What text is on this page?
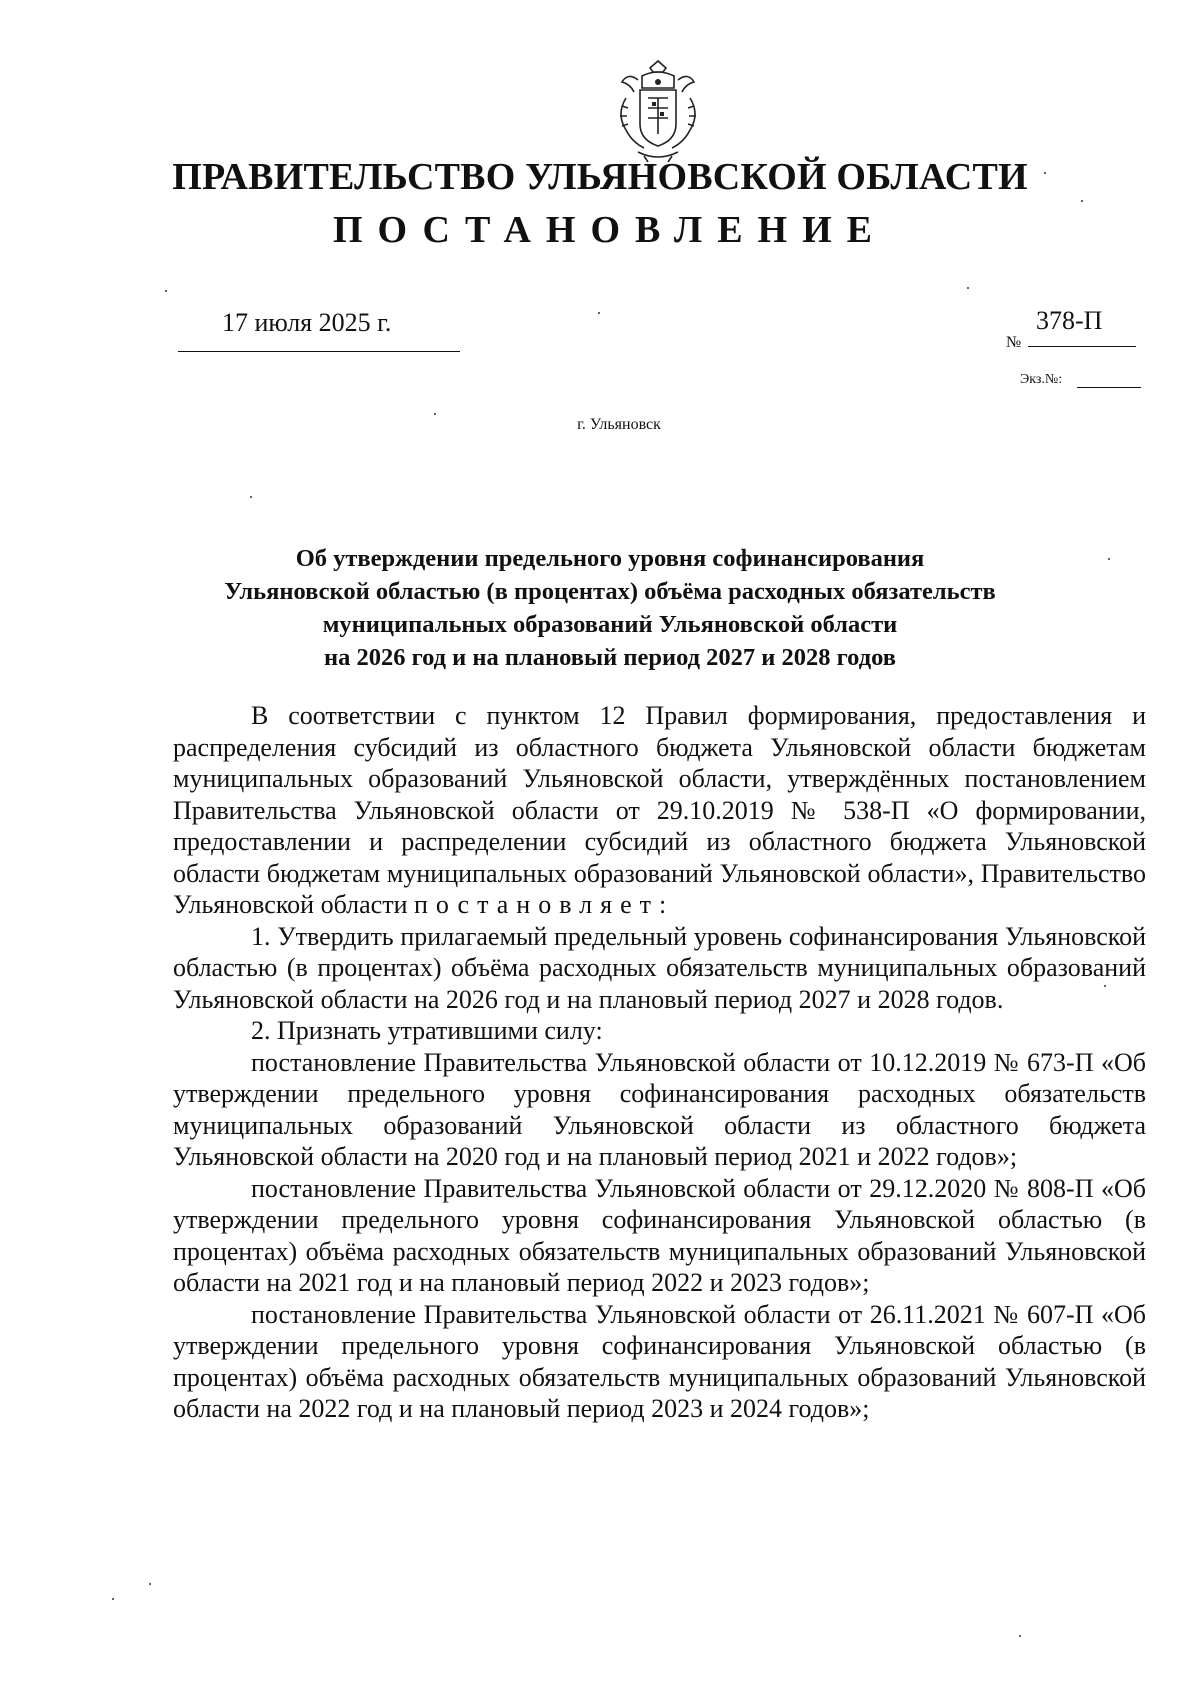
ПРАВИТЕЛЬСТВО УЛЬЯНОВСКОЙ ОБЛАСТИ
ПОСТАНОВЛЕНИЕ
17 июля 2025 г.
№
378-П
Экз.№:
г. Ульяновск
Об утверждении предельного уровня софинансирования
Ульяновской областью (в процентах) объёма расходных обязательств
муниципальных образований Ульяновской области
на 2026 год и на плановый период 2027 и 2028 годов

В соответствии с пунктом 12 Правил формирования, предоставления и распределения субсидий из областного бюджета Ульяновской области бюджетам муниципальных образований Ульяновской области, утверждённых постановлением Правительства Ульяновской области от 29.10.2019 № 538-П «О формировании, предоставлении и распределении субсидий из областного бюджета Ульяновской области бюджетам муниципальных образований Ульяновской области», Правительство Ульяновской области постановляет:

1. Утвердить прилагаемый предельный уровень софинансирования Ульяновской областью (в процентах) объёма расходных обязательств муниципальных образований Ульяновской области на 2026 год и на плановый период 2027 и 2028 годов.

2. Признать утратившими силу:

постановление Правительства Ульяновской области от 10.12.2019 № 673-П «Об утверждении предельного уровня софинансирования расходных обязательств муниципальных образований Ульяновской области из областного бюджета Ульяновской области на 2020 год и на плановый период 2021 и 2022 годов»;

постановление Правительства Ульяновской области от 29.12.2020 № 808-П «Об утверждении предельного уровня софинансирования Ульяновской областью (в процентах) объёма расходных обязательств муниципальных образований Ульяновской области на 2021 год и на плановый период 2022 и 2023 годов»;

постановление Правительства Ульяновской области от 26.11.2021 № 607-П «Об утверждении предельного уровня софинансирования Ульяновской областью (в процентах) объёма расходных обязательств муниципальных образований Ульяновской области на 2022 год и на плановый период 2023 и 2024 годов»;
